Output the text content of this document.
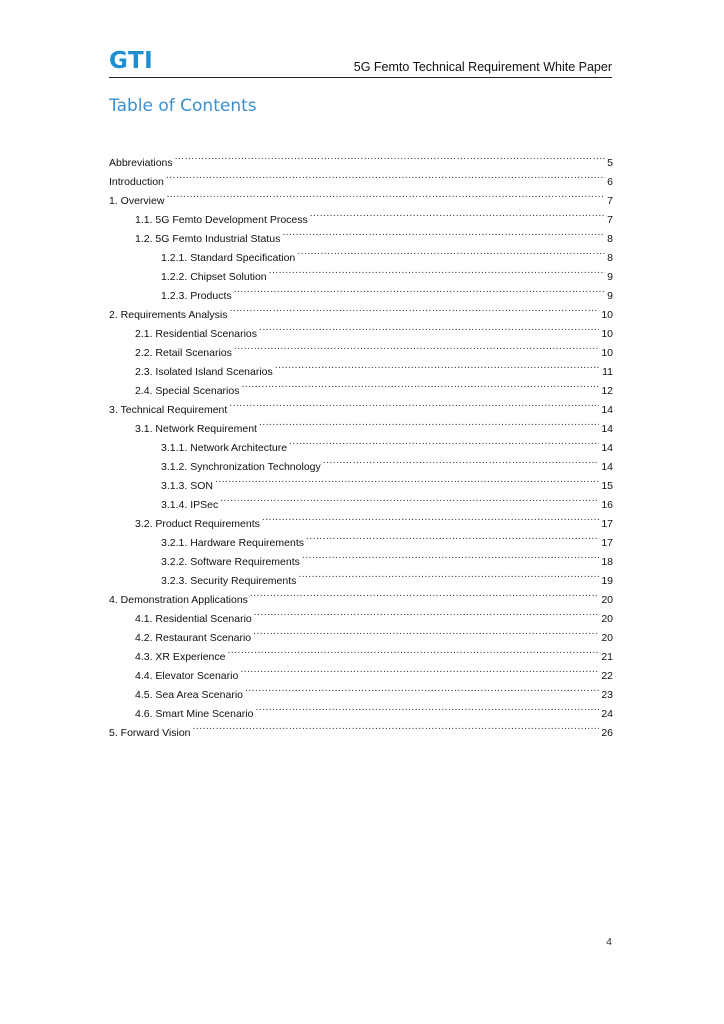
GTI	5G Femto Technical Requirement White Paper
Table of Contents
Abbreviations .....	5
Introduction .....	6
1. Overview .....	7
1.1. 5G Femto Development Process .....	7
1.2. 5G Femto Industrial Status .....	8
1.2.1. Standard Specification .....	8
1.2.2. Chipset Solution .....	9
1.2.3. Products .....	9
2. Requirements Analysis .....	10
2.1. Residential Scenarios .....	10
2.2. Retail Scenarios .....	10
2.3. Isolated Island Scenarios .....	11
2.4. Special Scenarios .....	12
3. Technical Requirement .....	14
3.1. Network Requirement .....	14
3.1.1. Network Architecture .....	14
3.1.2. Synchronization Technology .....	14
3.1.3. SON .....	15
3.1.4. IPSec .....	16
3.2. Product Requirements .....	17
3.2.1. Hardware Requirements .....	17
3.2.2. Software Requirements .....	18
3.2.3. Security Requirements .....	19
4. Demonstration Applications .....	20
4.1. Residential Scenario .....	20
4.2. Restaurant Scenario .....	20
4.3. XR Experience .....	21
4.4. Elevator Scenario .....	22
4.5. Sea Area Scenario .....	23
4.6. Smart Mine Scenario .....	24
5. Forward Vision .....	26
4
